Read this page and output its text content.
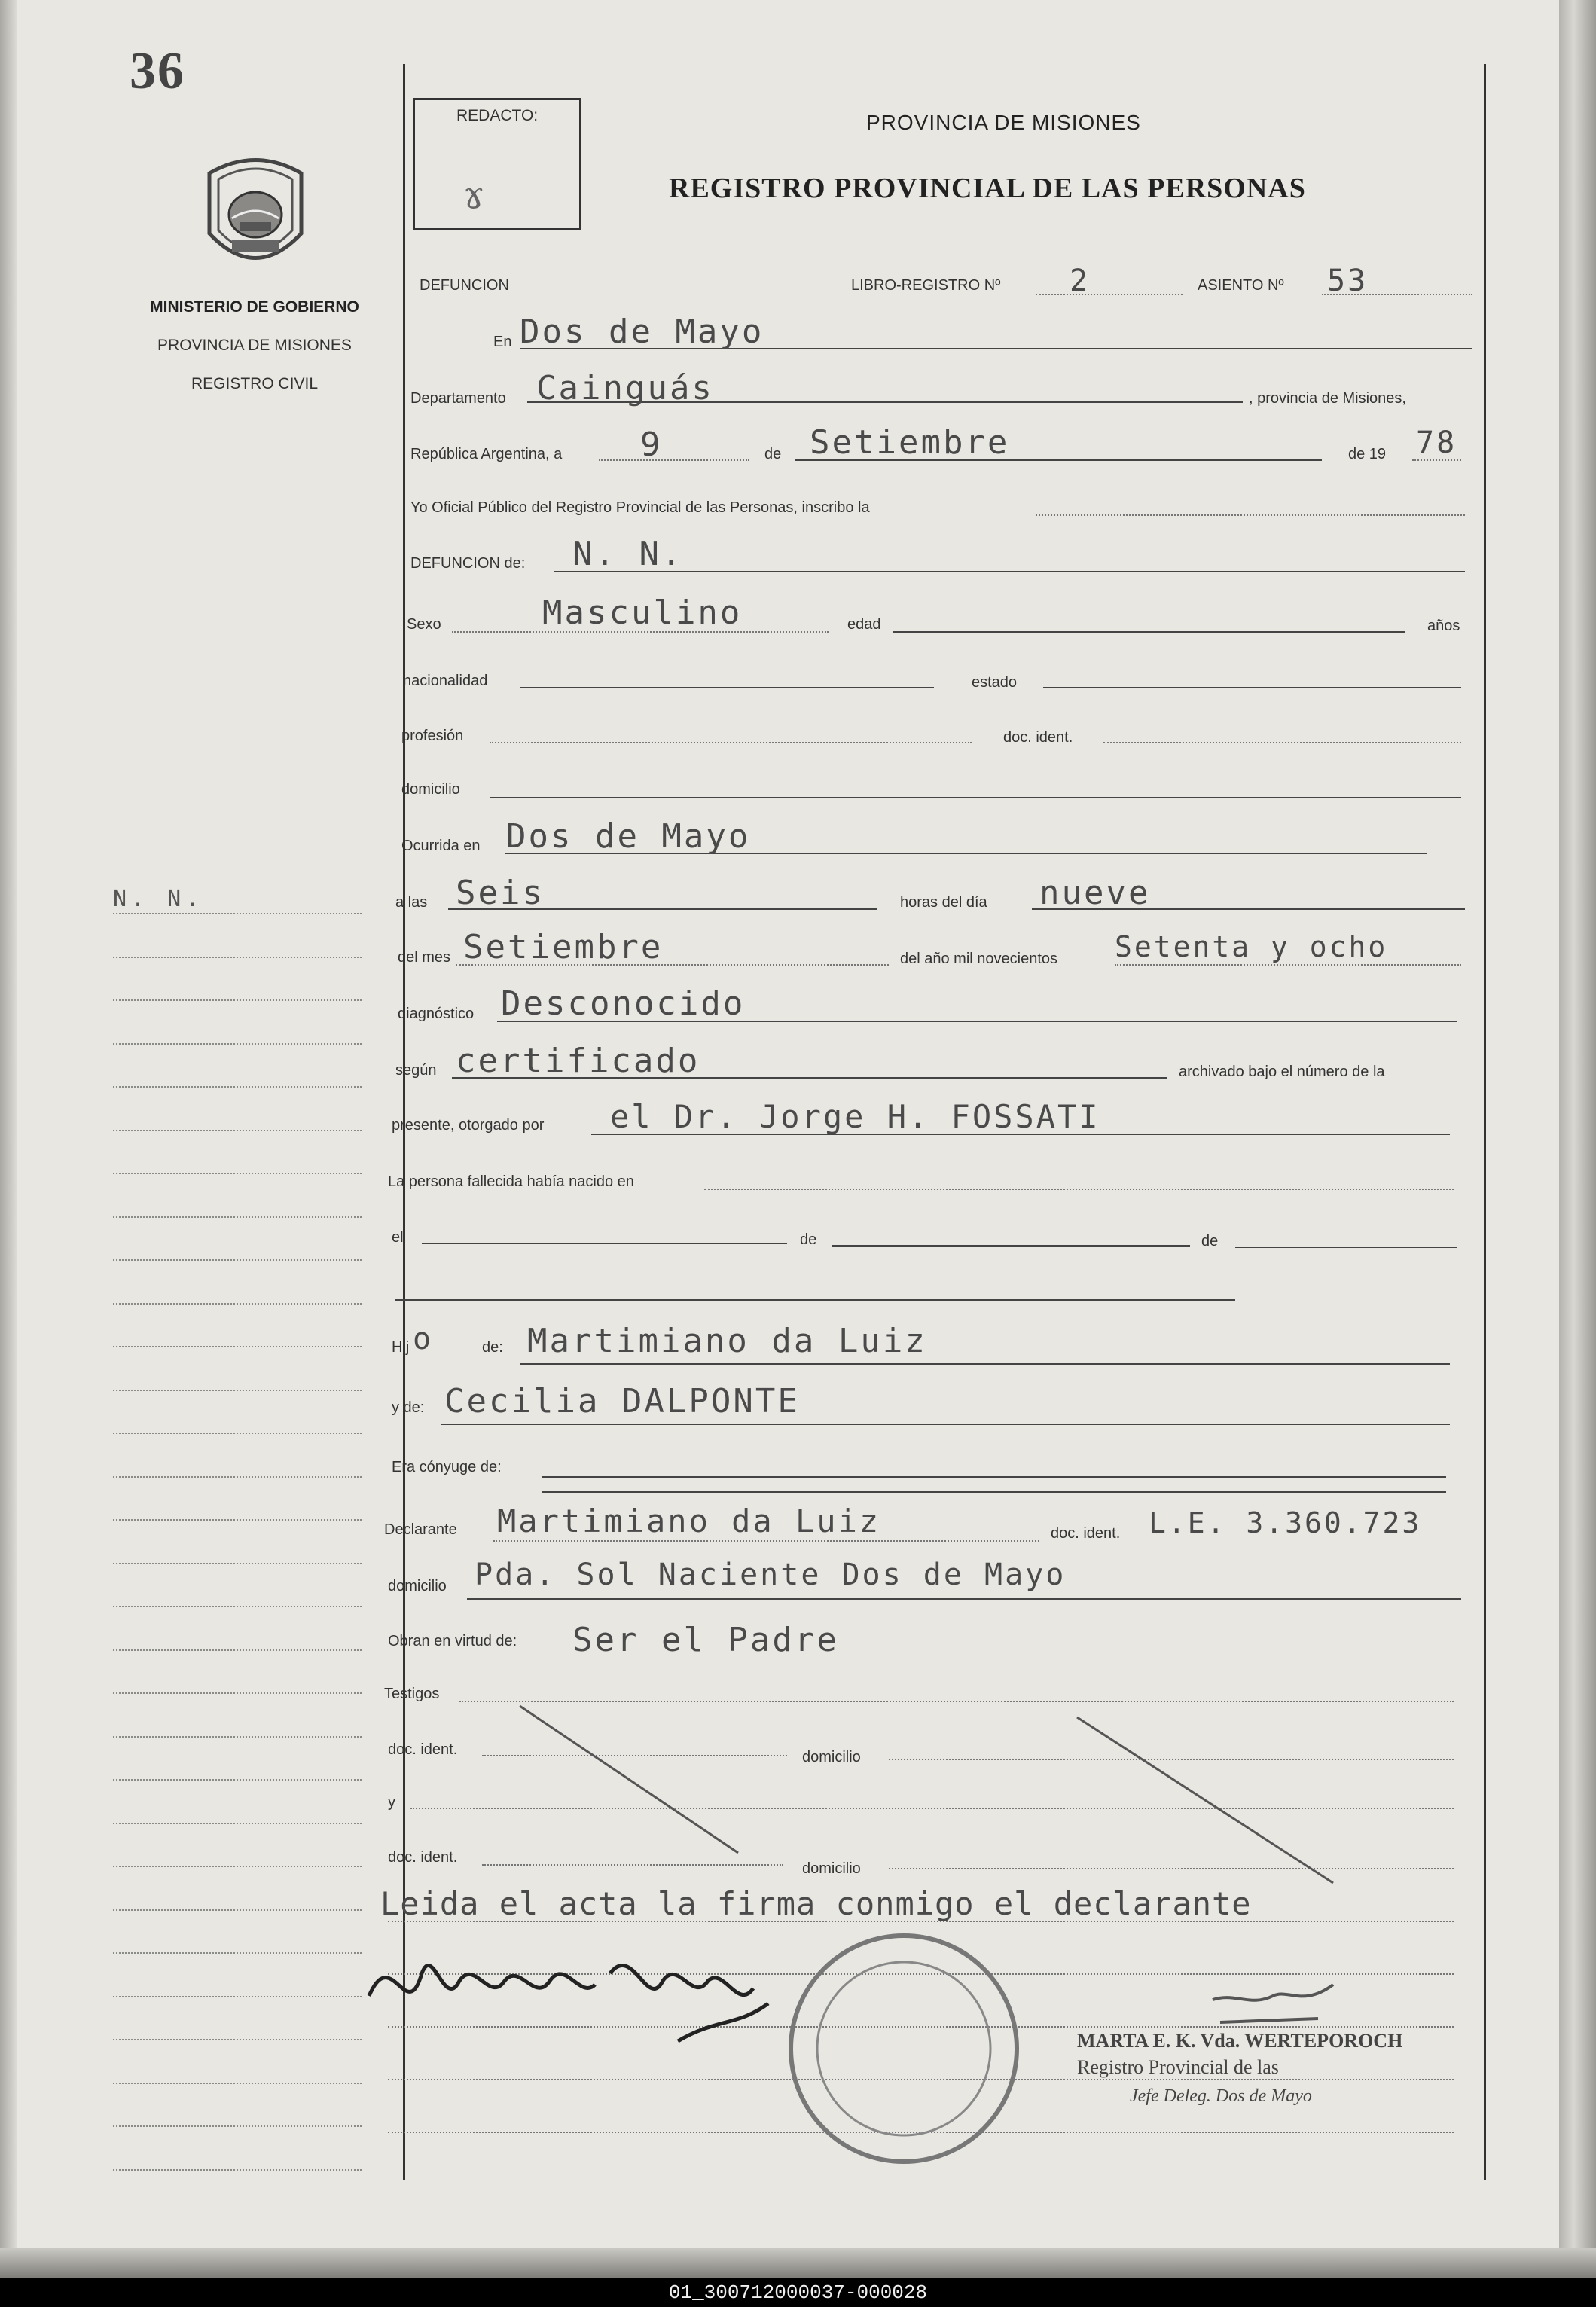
01_300712000037-000028
36
MINISTERIO DE GOBIERNO
PROVINCIA DE MISIONES
REGISTRO CIVIL
N. N.
REDACTO:
ɤ
PROVINCIA DE MISIONES
REGISTRO PROVINCIAL DE LAS PERSONAS
DEFUNCION	LIBRO-REGISTRO Nº 2	ASIENTO Nº 53
En Dos de Mayo
Departamento Cainguás	, provincia de Misiones,
República Argentina, a 9	de Setiembre	de 19 78
Yo Oficial Público del Registro Provincial de las Personas, inscribo la
DEFUNCION de: N. N.
Sexo	Masculino	edad	años
nacionalidad	estado
profesión	doc. ident.
domicilio
Ocurrida en Dos de Mayo
a las Seis	horas del día nueve
del mes Setiembre	del año mil novecientos Setenta y ocho
diagnóstico Desconocido
según certificado	archivado bajo el número de la
presente, otorgado por el Dr. Jorge H. FOSSATI
La persona fallecida había nacido en
el	de	de
Hij o	de: Martimiano da Luiz
y de: Cecilia DALPONTE
Era cónyuge de:
Declarante Martimiano da Luiz	doc. ident. L.E. 3.360.723
domicilio Pda. Sol Naciente Dos de Mayo
Obran en virtud de: Ser el Padre
Testigos
doc. ident.	domicilio
y
doc. ident.
domicilio
Leida el acta la firma conmigo el declarante
MARTA E. K. Vda. WERTEPOROCH
Registro Provincial de las
Jefe Deleg. Dos de Mayo
